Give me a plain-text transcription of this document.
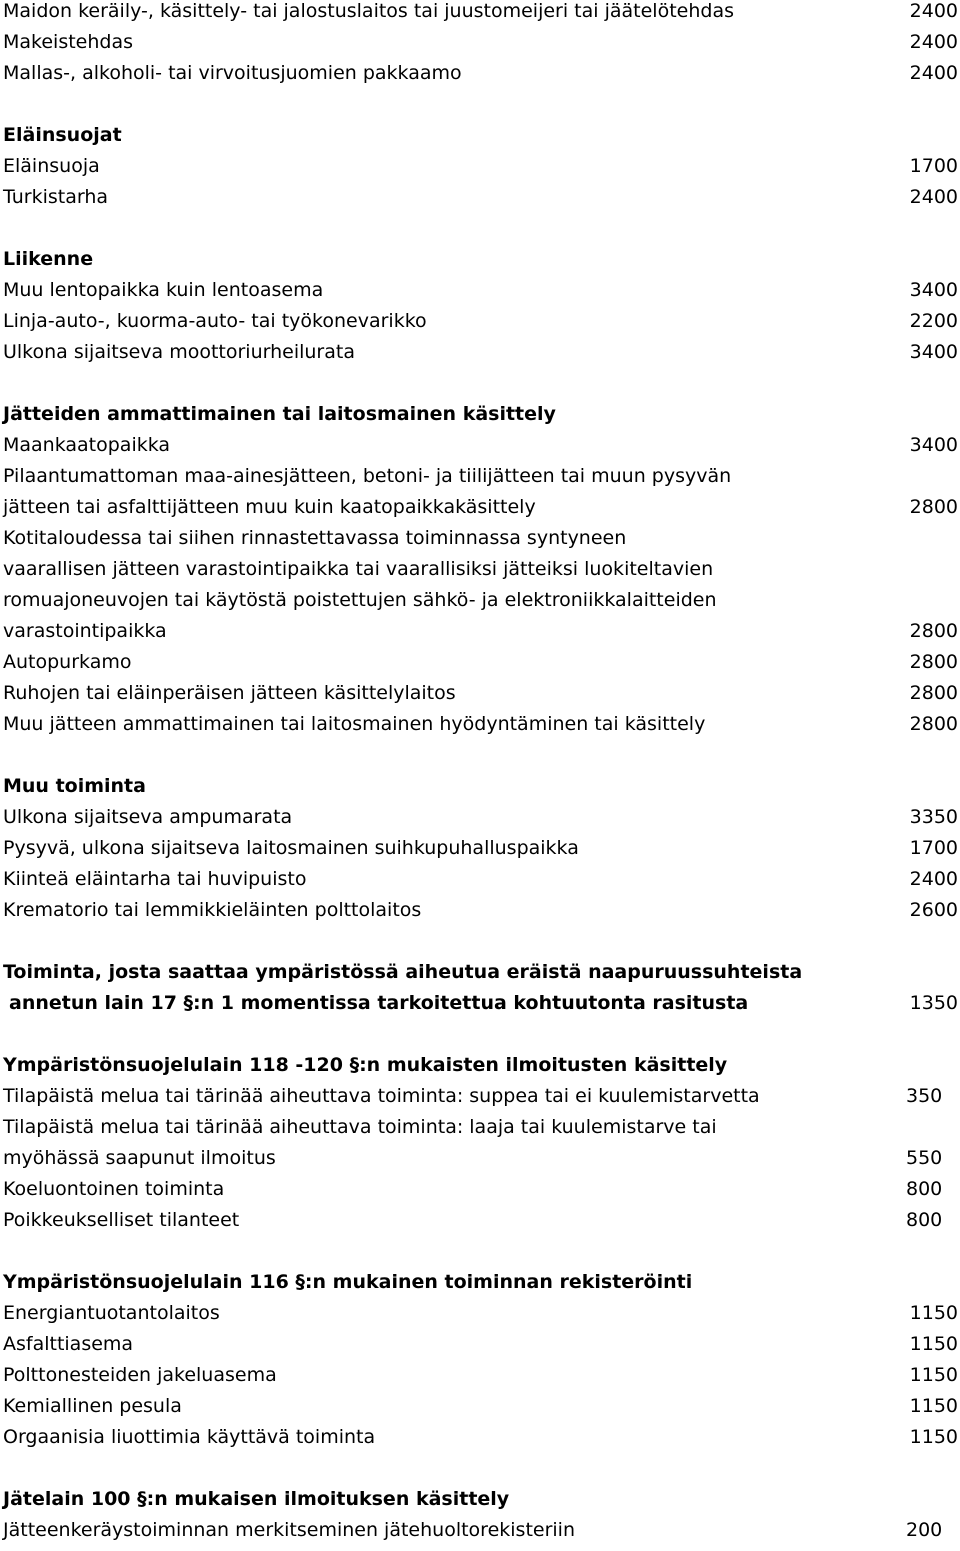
Maidon keräily-, käsittely- tai jalostuslaitos tai juustomeijeri tai jäätelötehdas	2400
Makeistehdas	2400
Mallas-, alkoholi- tai virvoitusjuomien pakkaamo	2400
Eläinsuojat
Eläinsuoja	1700
Turkistarha	2400
Liikenne
Muu lentopaikka kuin lentoasema	3400
Linja-auto-, kuorma-auto- tai työkonevarikko	2200
Ulkona sijaitseva moottoriurheilurata	3400
Jätteiden ammattimainen tai laitosmainen käsittely
Maankaatopaikka	3400
Pilaantumattoman maa-ainesjätteen, betoni- ja tiilijätteen tai muun pysyvän
jätteen tai asfalttijätteen muu kuin kaatopaikkakäsittely	2800
Kotitaloudessa tai siihen rinnastettavassa toiminnassa syntyneen
vaarallisen jätteen varastointipaikka tai vaarallisiksi jätteiksi luokiteltavien
romuajoneuvojen tai käytöstä poistettujen sähkö- ja elektroniikkalaitteiden
varastointipaikka	2800
Autopurkamo	2800
Ruhojen tai eläinperäisen jätteen käsittelylaitos	2800
Muu jätteen ammattimainen tai laitosmainen hyödyntäminen tai käsittely	2800
Muu toiminta
Ulkona sijaitseva ampumarata	3350
Pysyvä, ulkona sijaitseva laitosmainen suihkupuhalluspaikka	1700
Kiinteä eläintarha tai huvipuisto	2400
Krematorio tai lemmikkieläinten polttolaitos	2600
Toiminta, josta saattaa ympäristössä aiheutua eräistä naapuruussuhteista
annetun lain 17 §:n 1 momentissa tarkoitettua kohtuutonta rasitusta	1350
Ympäristönsuojelulain 118 -120 §:n mukaisten ilmoitusten käsittely
Tilapäistä melua tai tärinää aiheuttava toiminta: suppea tai ei kuulemistarvetta	350
Tilapäistä melua tai tärinää aiheuttava toiminta: laaja tai kuulemistarve tai
myöhässä saapunut ilmoitus	550
Koeluontoinen toiminta	800
Poikkeukselliset tilanteet	800
Ympäristönsuojelulain 116 §:n mukainen toiminnan rekisteröinti
Energiantuotantolaitos	1150
Asfalttiasema	1150
Polttonesteiden jakeluasema	1150
Kemiallinen pesula	1150
Orgaanisia liuottimia käyttävä toiminta	1150
Jätelain 100 §:n mukaisen ilmoituksen käsittely
Jätteenkeräystoiminnan merkitseminen jätehuoltorekisteriin	200
